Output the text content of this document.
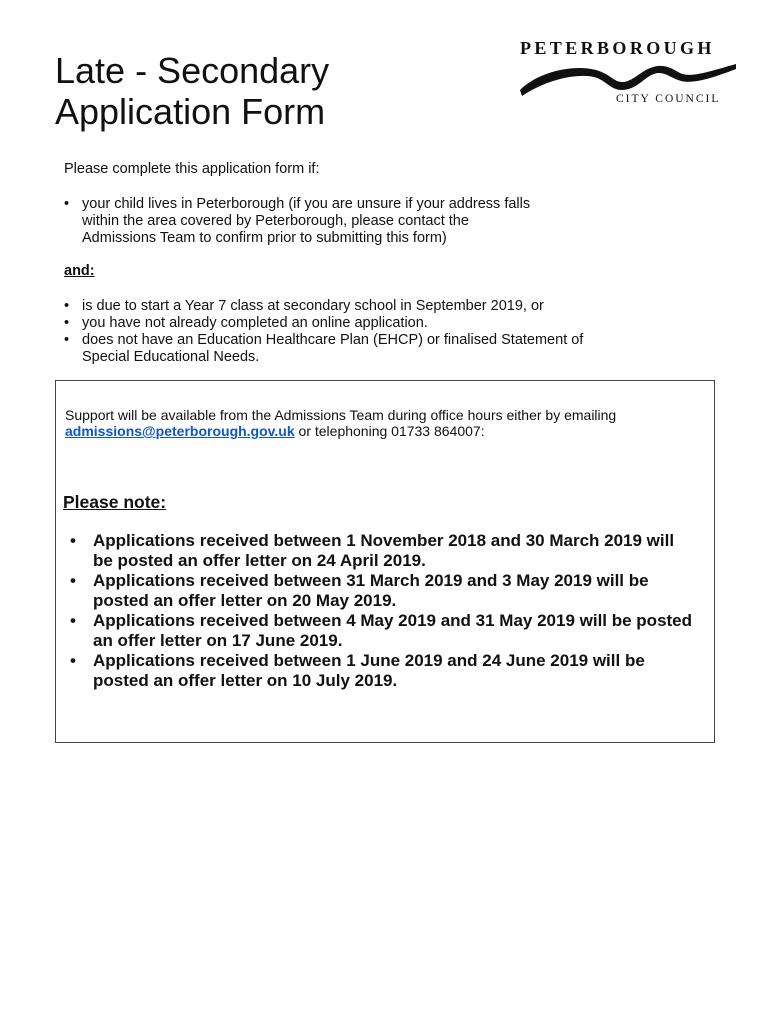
Late - Secondary
Application Form
PETERBOROUGH
CITY COUNCIL
Please complete this application form if:
• your child lives in Peterborough (if you are unsure if your address falls within the area covered by Peterborough, please contact the Admissions Team to confirm prior to submitting this form)
and:
• is due to start a Year 7 class at secondary school in September 2019, or
• you have not already completed an online application.
• does not have an Education Healthcare Plan (EHCP) or finalised Statement of Special Educational Needs.
Support will be available from the Admissions Team during office hours either by emailing
admissions@peterborough.gov.uk or telephoning 01733 864007:
Please note:
• Applications received between 1 November 2018 and 30 March 2019 will be posted an offer letter on 24 April 2019.
• Applications received between 31 March 2019 and 3 May 2019 will be posted an offer letter on 20 May 2019.
• Applications received between 4 May 2019 and 31 May 2019 will be posted an offer letter on 17 June 2019.
• Applications received between 1 June 2019 and 24 June 2019 will be posted an offer letter on 10 July 2019.
